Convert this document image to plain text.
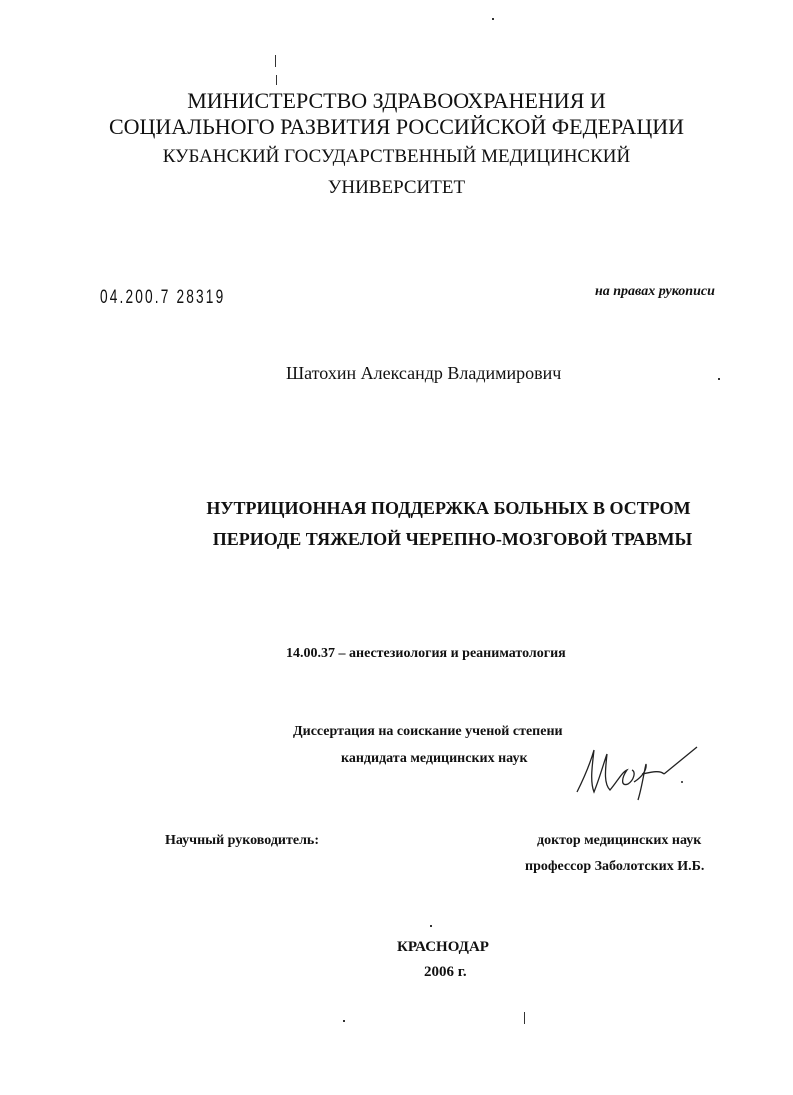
МИНИСТЕРСТВО ЗДРАВООХРАНЕНИЯ И
СОЦИАЛЬНОГО РАЗВИТИЯ РОССИЙСКОЙ ФЕДЕРАЦИИ
КУБАНСКИЙ ГОСУДАРСТВЕННЫЙ МЕДИЦИНСКИЙ
УНИВЕРСИТЕТ
04.200.7 28319	на правах рукописи
Шатохин Александр Владимирович
НУТРИЦИОННАЯ ПОДДЕРЖКА БОЛЬНЫХ В ОСТРОМ
ПЕРИОДЕ ТЯЖЕЛОЙ ЧЕРЕПНО-МОЗГОВОЙ ТРАВМЫ
14.00.37 – анестезиология и реаниматология
Диссертация на соискание ученой степени
кандидата медицинских наук
Научный руководитель:	доктор медицинских наук
профессор Заболотских И.Б.
КРАСНОДАР
2006 г.
